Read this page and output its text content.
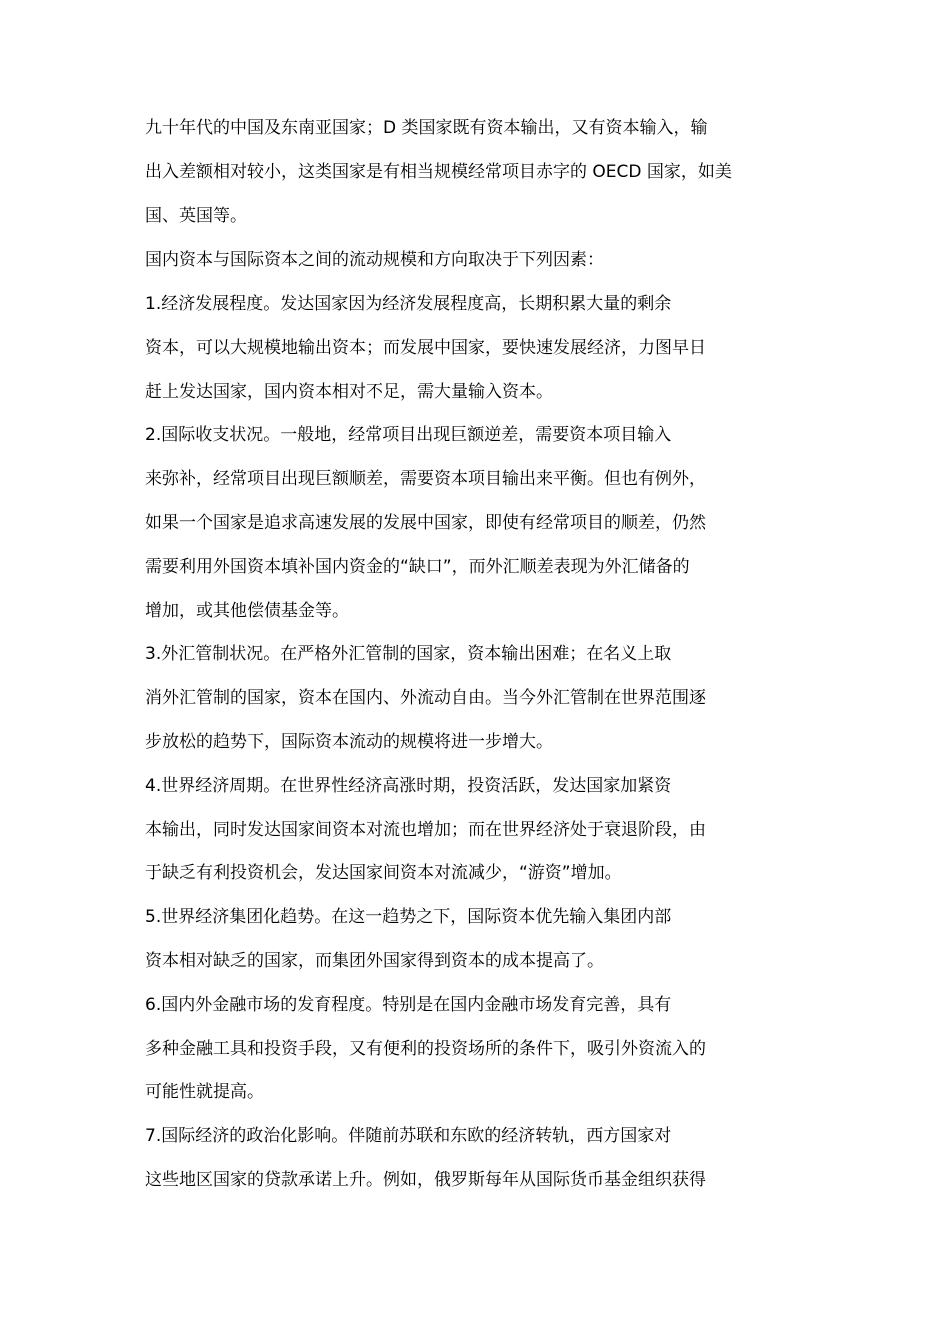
九十年代的中国及东南亚国家；D 类国家既有资本输出，又有资本输入，输

出入差额相对较小，这类国家是有相当规模经常项目赤字的 OECD 国家，如美

国、英国等。

国内资本与国际资本之间的流动规模和方向取决于下列因素：

1.经济发展程度。发达国家因为经济发展程度高，长期积累大量的剩余

资本，可以大规模地输出资本；而发展中国家，要快速发展经济，力图早日

赶上发达国家，国内资本相对不足，需大量输入资本。

2.国际收支状况。一般地，经常项目出现巨额逆差，需要资本项目输入

来弥补，经常项目出现巨额顺差，需要资本项目输出来平衡。但也有例外，

如果一个国家是追求高速发展的发展中国家，即使有经常项目的顺差，仍然

需要利用外国资本填补国内资金的“缺口”，而外汇顺差表现为外汇储备的

增加，或其他偿债基金等。

3.外汇管制状况。在严格外汇管制的国家，资本输出困难；在名义上取

消外汇管制的国家，资本在国内、外流动自由。当今外汇管制在世界范围逐

步放松的趋势下，国际资本流动的规模将进一步增大。

4.世界经济周期。在世界性经济高涨时期，投资活跃，发达国家加紧资

本输出，同时发达国家间资本对流也增加；而在世界经济处于衰退阶段，由

于缺乏有利投资机会，发达国家间资本对流减少，“游资”增加。

5.世界经济集团化趋势。在这一趋势之下，国际资本优先输入集团内部

资本相对缺乏的国家，而集团外国家得到资本的成本提高了。

6.国内外金融市场的发育程度。特别是在国内金融市场发育完善，具有

多种金融工具和投资手段，又有便利的投资场所的条件下，吸引外资流入的

可能性就提高。

7.国际经济的政治化影响。伴随前苏联和东欧的经济转轨，西方国家对

这些地区国家的贷款承诺上升。例如，俄罗斯每年从国际货币基金组织获得
